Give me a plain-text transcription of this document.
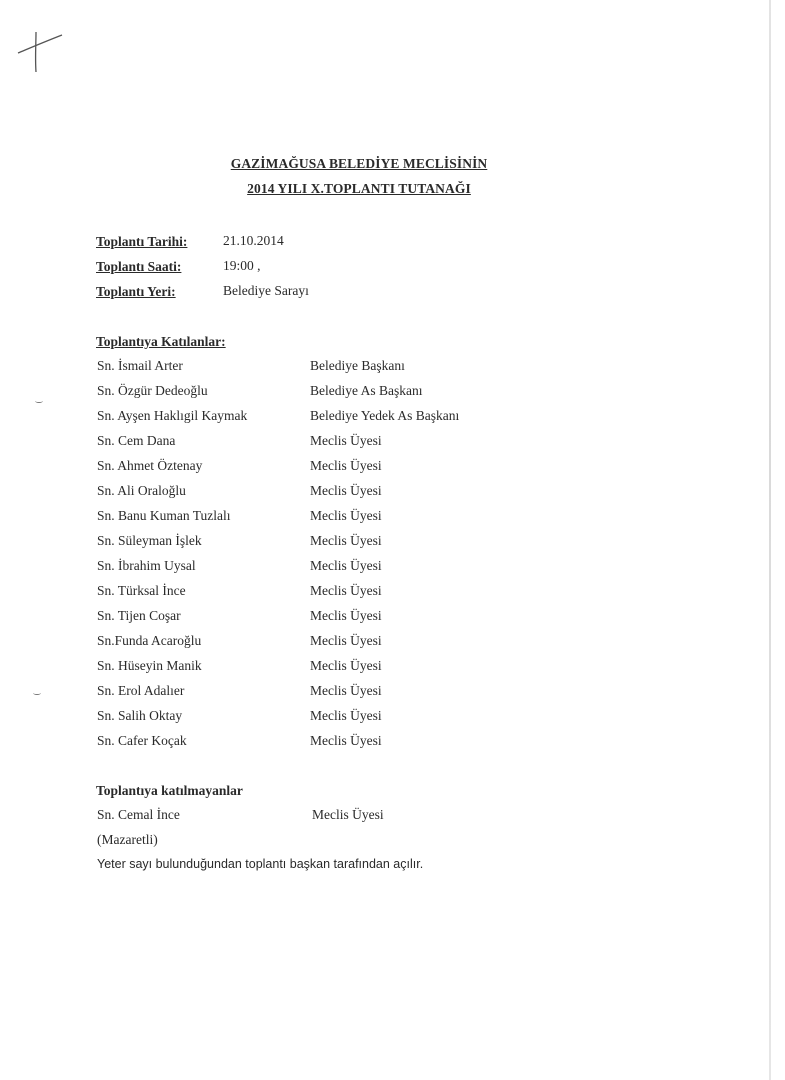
GAZİMAĞUSA BELEDİYE MECLİSİNİN
2014 YILI X.TOPLANTI TUTANAĞI
Toplantı Tarihi:	21.10.2014
Toplantı Saati:	19:00 ,
Toplantı Yeri:	Belediye Sarayı
Toplantıya Katılanlar:
Sn. İsmail Arter	Belediye Başkanı
Sn. Özgür Dedeoğlu	Belediye As Başkanı
Sn. Ayşen Haklıgil Kaymak	Belediye Yedek As Başkanı
Sn. Cem Dana	Meclis Üyesi
Sn. Ahmet Öztenay	Meclis Üyesi
Sn. Ali Oraloğlu	Meclis Üyesi
Sn. Banu Kuman Tuzlalı	Meclis Üyesi
Sn. Süleyman İşlek	Meclis Üyesi
Sn. İbrahim Uysal	Meclis Üyesi
Sn. Türksal İnce	Meclis Üyesi
Sn. Tijen Coşar	Meclis Üyesi
Sn.Funda Acaroğlu	Meclis Üyesi
Sn. Hüseyin Manik	Meclis Üyesi
Sn. Erol Adalıer	Meclis Üyesi
Sn. Salih Oktay	Meclis Üyesi
Sn. Cafer Koçak	Meclis Üyesi
Toplantıya katılmayanlar
Sn. Cemal İnce	Meclis Üyesi
(Mazaretli)
Yeter sayı bulunduğundan toplantı başkan tarafından açılır.
